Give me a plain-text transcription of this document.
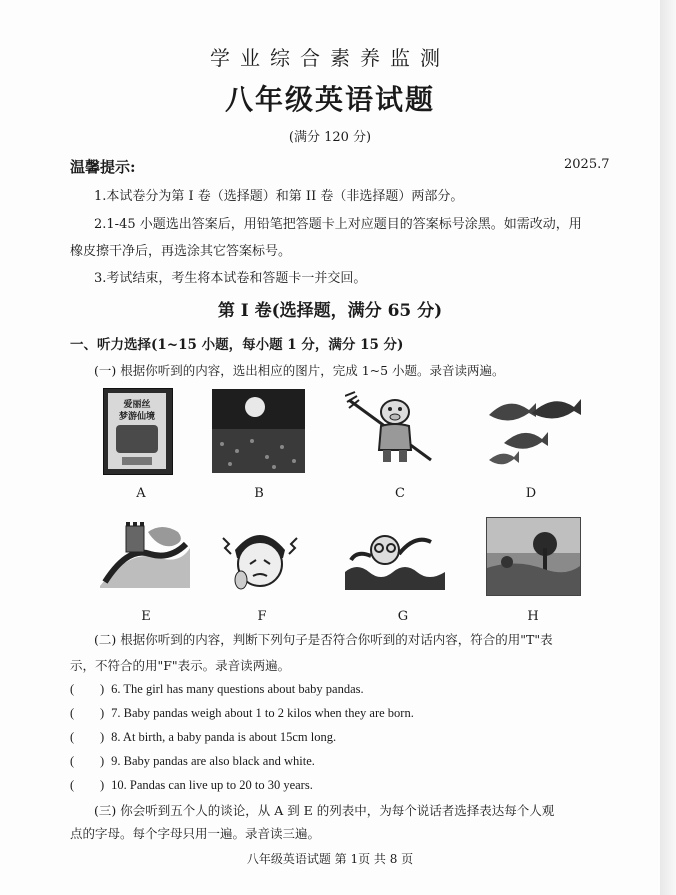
学业综合素养监测
八年级英语试题
(满分 120 分)
温馨提示:	2025.7
1.本试卷分为第 I 卷（选择题）和第 II 卷（非选择题）两部分。
2.1-45 小题选出答案后，用铅笔把答题卡上对应题目的答案标号涂黑。如需改动，用
橡皮擦干净后，再选涂其它答案标号。
3.考试结束，考生将本试卷和答题卡一并交回。
第 I 卷(选择题，满分 65 分)
一、听力选择(1~15 小题，每小题 1 分，满分 15 分)
(一) 根据你听到的内容，选出相应的图片，完成 1~5 小题。录音读两遍。
爱丽丝
梦游仙境
A	B	C	D
E	F	G	H
(二) 根据你听到的内容，判断下列句子是否符合你听到的对话内容，符合的用"T"表
示，不符合的用"F"表示。录音读两遍。
( ) 6. The girl has many questions about baby pandas.
( ) 7. Baby pandas weigh about 1 to 2 kilos when they are born.
( ) 8. At birth, a baby panda is about 15cm long.
( ) 9. Baby pandas are also black and white.
( ) 10. Pandas can live up to 20 to 30 years.
(三) 你会听到五个人的谈论，从 A 到 E 的列表中，为每个说话者选择表达每个人观
点的字母。每个字母只用一遍。录音读三遍。
八年级英语试题 第 1页 共 8 页
